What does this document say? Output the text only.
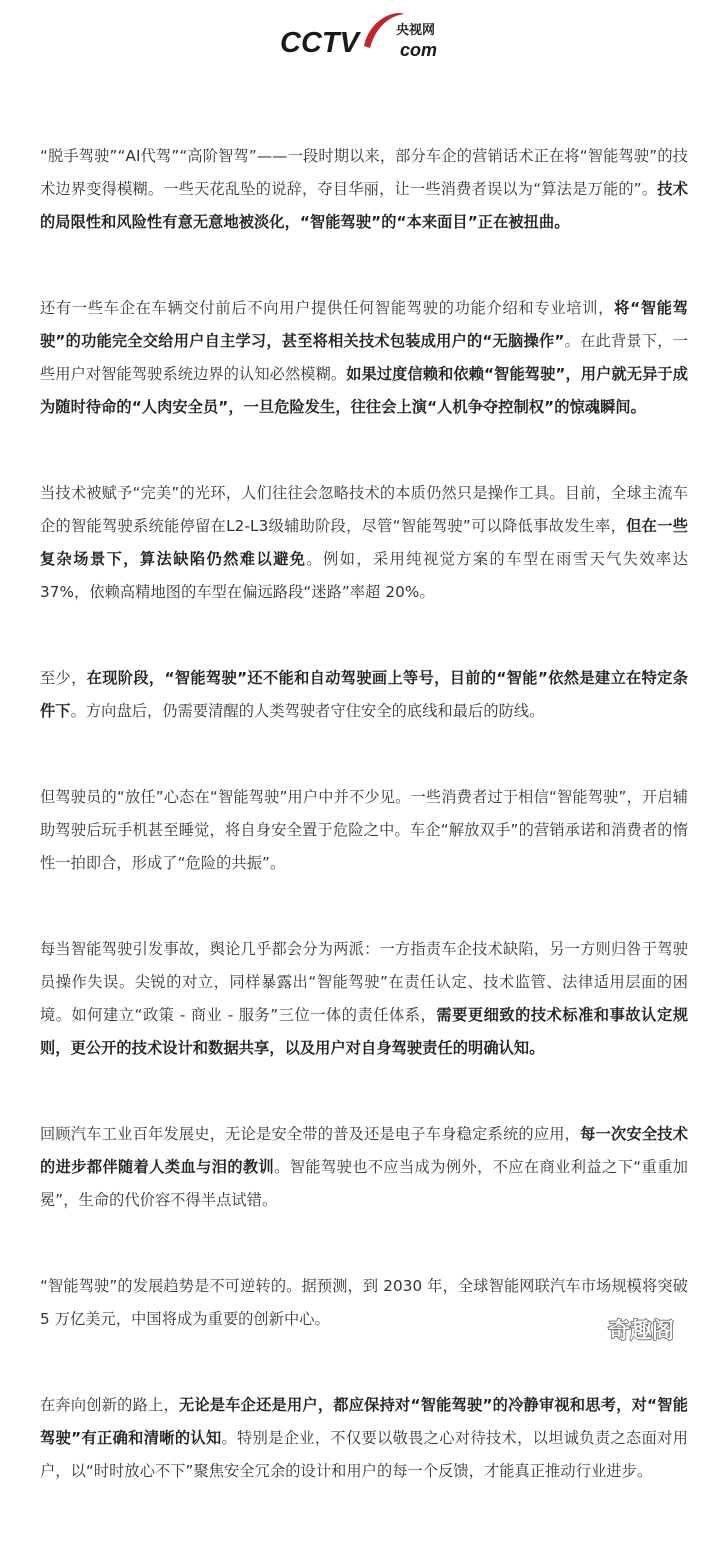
CCTV com
央视网

“脱手驾驶”“AI代驾”“高阶智驾”——一段时期以来，部分车企的营销话术正在将“智能驾驶”的技术边界变得模糊。一些天花乱坠的说辞，夺目华丽，让一些消费者误以为“算法是万能的”。技术的局限性和风险性有意无意地被淡化，“智能驾驶”的“本来面目”正在被扭曲。

还有一些车企在车辆交付前后不向用户提供任何智能驾驶的功能介绍和专业培训，将“智能驾驶”的功能完全交给用户自主学习，甚至将相关技术包装成用户的“无脑操作”。在此背景下，一些用户对智能驾驶系统边界的认知必然模糊。如果过度信赖和依赖“智能驾驶”，用户就无异于成为随时待命的“人肉安全员”，一旦危险发生，往往会上演“人机争夺控制权”的惊魂瞬间。

当技术被赋予“完美”的光环，人们往往会忽略技术的本质仍然只是操作工具。目前，全球主流车企的智能驾驶系统能停留在L2-L3级辅助阶段，尽管“智能驾驶”可以降低事故发生率，但在一些复杂场景下，算法缺陷仍然难以避免。例如，采用纯视觉方案的车型在雨雪天气失效率达 37%，依赖高精地图的车型在偏远路段“迷路”率超 20%。

至少，在现阶段，“智能驾驶”还不能和自动驾驶画上等号，目前的“智能”依然是建立在特定条件下。方向盘后，仍需要清醒的人类驾驶者守住安全的底线和最后的防线。

但驾驶员的“放任”心态在“智能驾驶”用户中并不少见。一些消费者过于相信“智能驾驶”，开启辅助驾驶后玩手机甚至睡觉，将自身安全置于危险之中。车企“解放双手”的营销承诺和消费者的惰性一拍即合，形成了“危险的共振”。

每当智能驾驶引发事故，舆论几乎都会分为两派：一方指责车企技术缺陷，另一方则归咎于驾驶员操作失误。尖锐的对立，同样暴露出“智能驾驶”在责任认定、技术监管、法律适用层面的困境。如何建立“政策 - 商业 - 服务”三位一体的责任体系，需要更细致的技术标准和事故认定规则，更公开的技术设计和数据共享，以及用户对自身驾驶责任的明确认知。

回顾汽车工业百年发展史，无论是安全带的普及还是电子车身稳定系统的应用，每一次安全技术的进步都伴随着人类血与泪的教训。智能驾驶也不应当成为例外，不应在商业利益之下“重重加冕”，生命的代价容不得半点试错。

“智能驾驶”的发展趋势是不可逆转的。据预测，到 2030 年，全球智能网联汽车市场规模将突破 5 万亿美元，中国将成为重要的创新中心。

在奔向创新的路上，无论是车企还是用户，都应保持对“智能驾驶”的冷静审视和思考，对“智能驾驶”有正确和清晰的认知。特别是企业，不仅要以敬畏之心对待技术，以坦诚负责之态面对用户，以“时时放心不下”聚焦安全冗余的设计和用户的每一个反馈，才能真正推动行业进步。

奇趣阁
